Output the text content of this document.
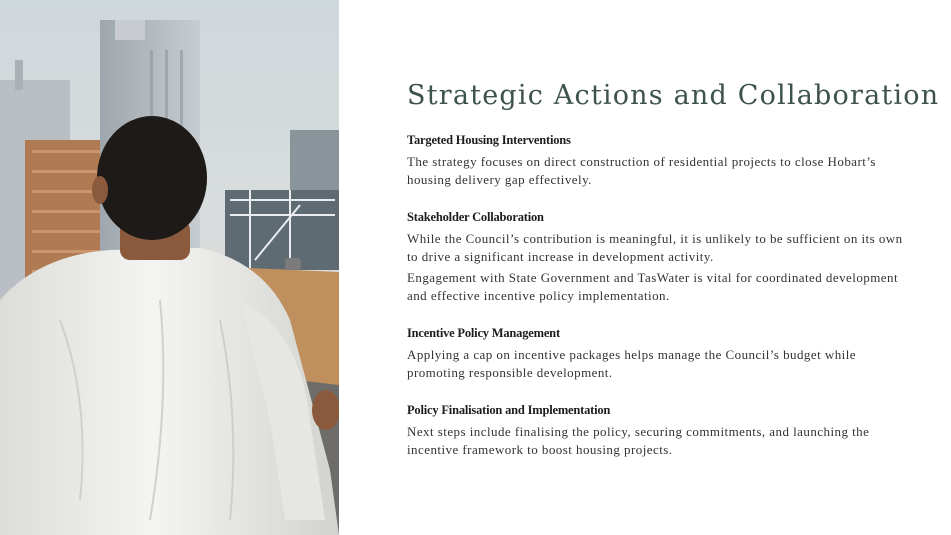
Strategic Actions and Collaboration
Targeted Housing Interventions

The strategy focuses on direct construction of residential projects to close Hobart’s housing delivery gap effectively.

Stakeholder Collaboration

While the Council’s contribution is meaningful, it is unlikely to be sufficient on its own to drive a significant increase in development activity.

Engagement with State Government and TasWater is vital for coordinated development and effective incentive policy implementation.

Incentive Policy Management

Applying a cap on incentive packages helps manage the Council’s budget while promoting responsible development.

Policy Finalisation and Implementation

Next steps include finalising the policy, securing commitments, and launching the incentive framework to boost housing projects.
